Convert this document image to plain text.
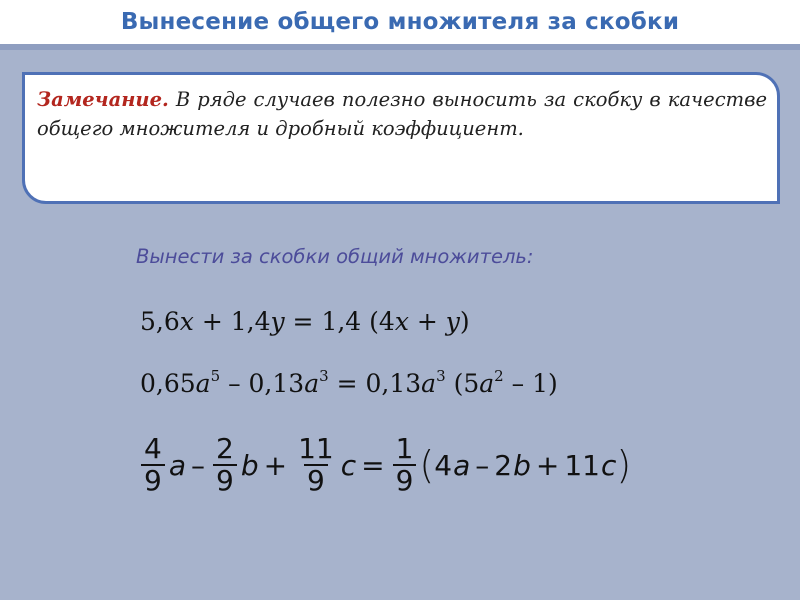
Вынесение общего множителя за скобки
Замечание. В ряде случаев полезно выносить за скобку в качестве общего множителя и дробный коэффициент.
Вынести за скобки общий множитель:
5,6x + 1,4y = 1,4 (4x + y)
$0,65a^5 - 0,13a^3 = 0,13a^3$ $(5a^2 - 1)$
$\frac{4}{9}$ a – $\frac{2}{9}$ $b + \frac{11}{9}$ $c = \frac{1}{9}$ ( 4 a – 2 b + 11 c )
